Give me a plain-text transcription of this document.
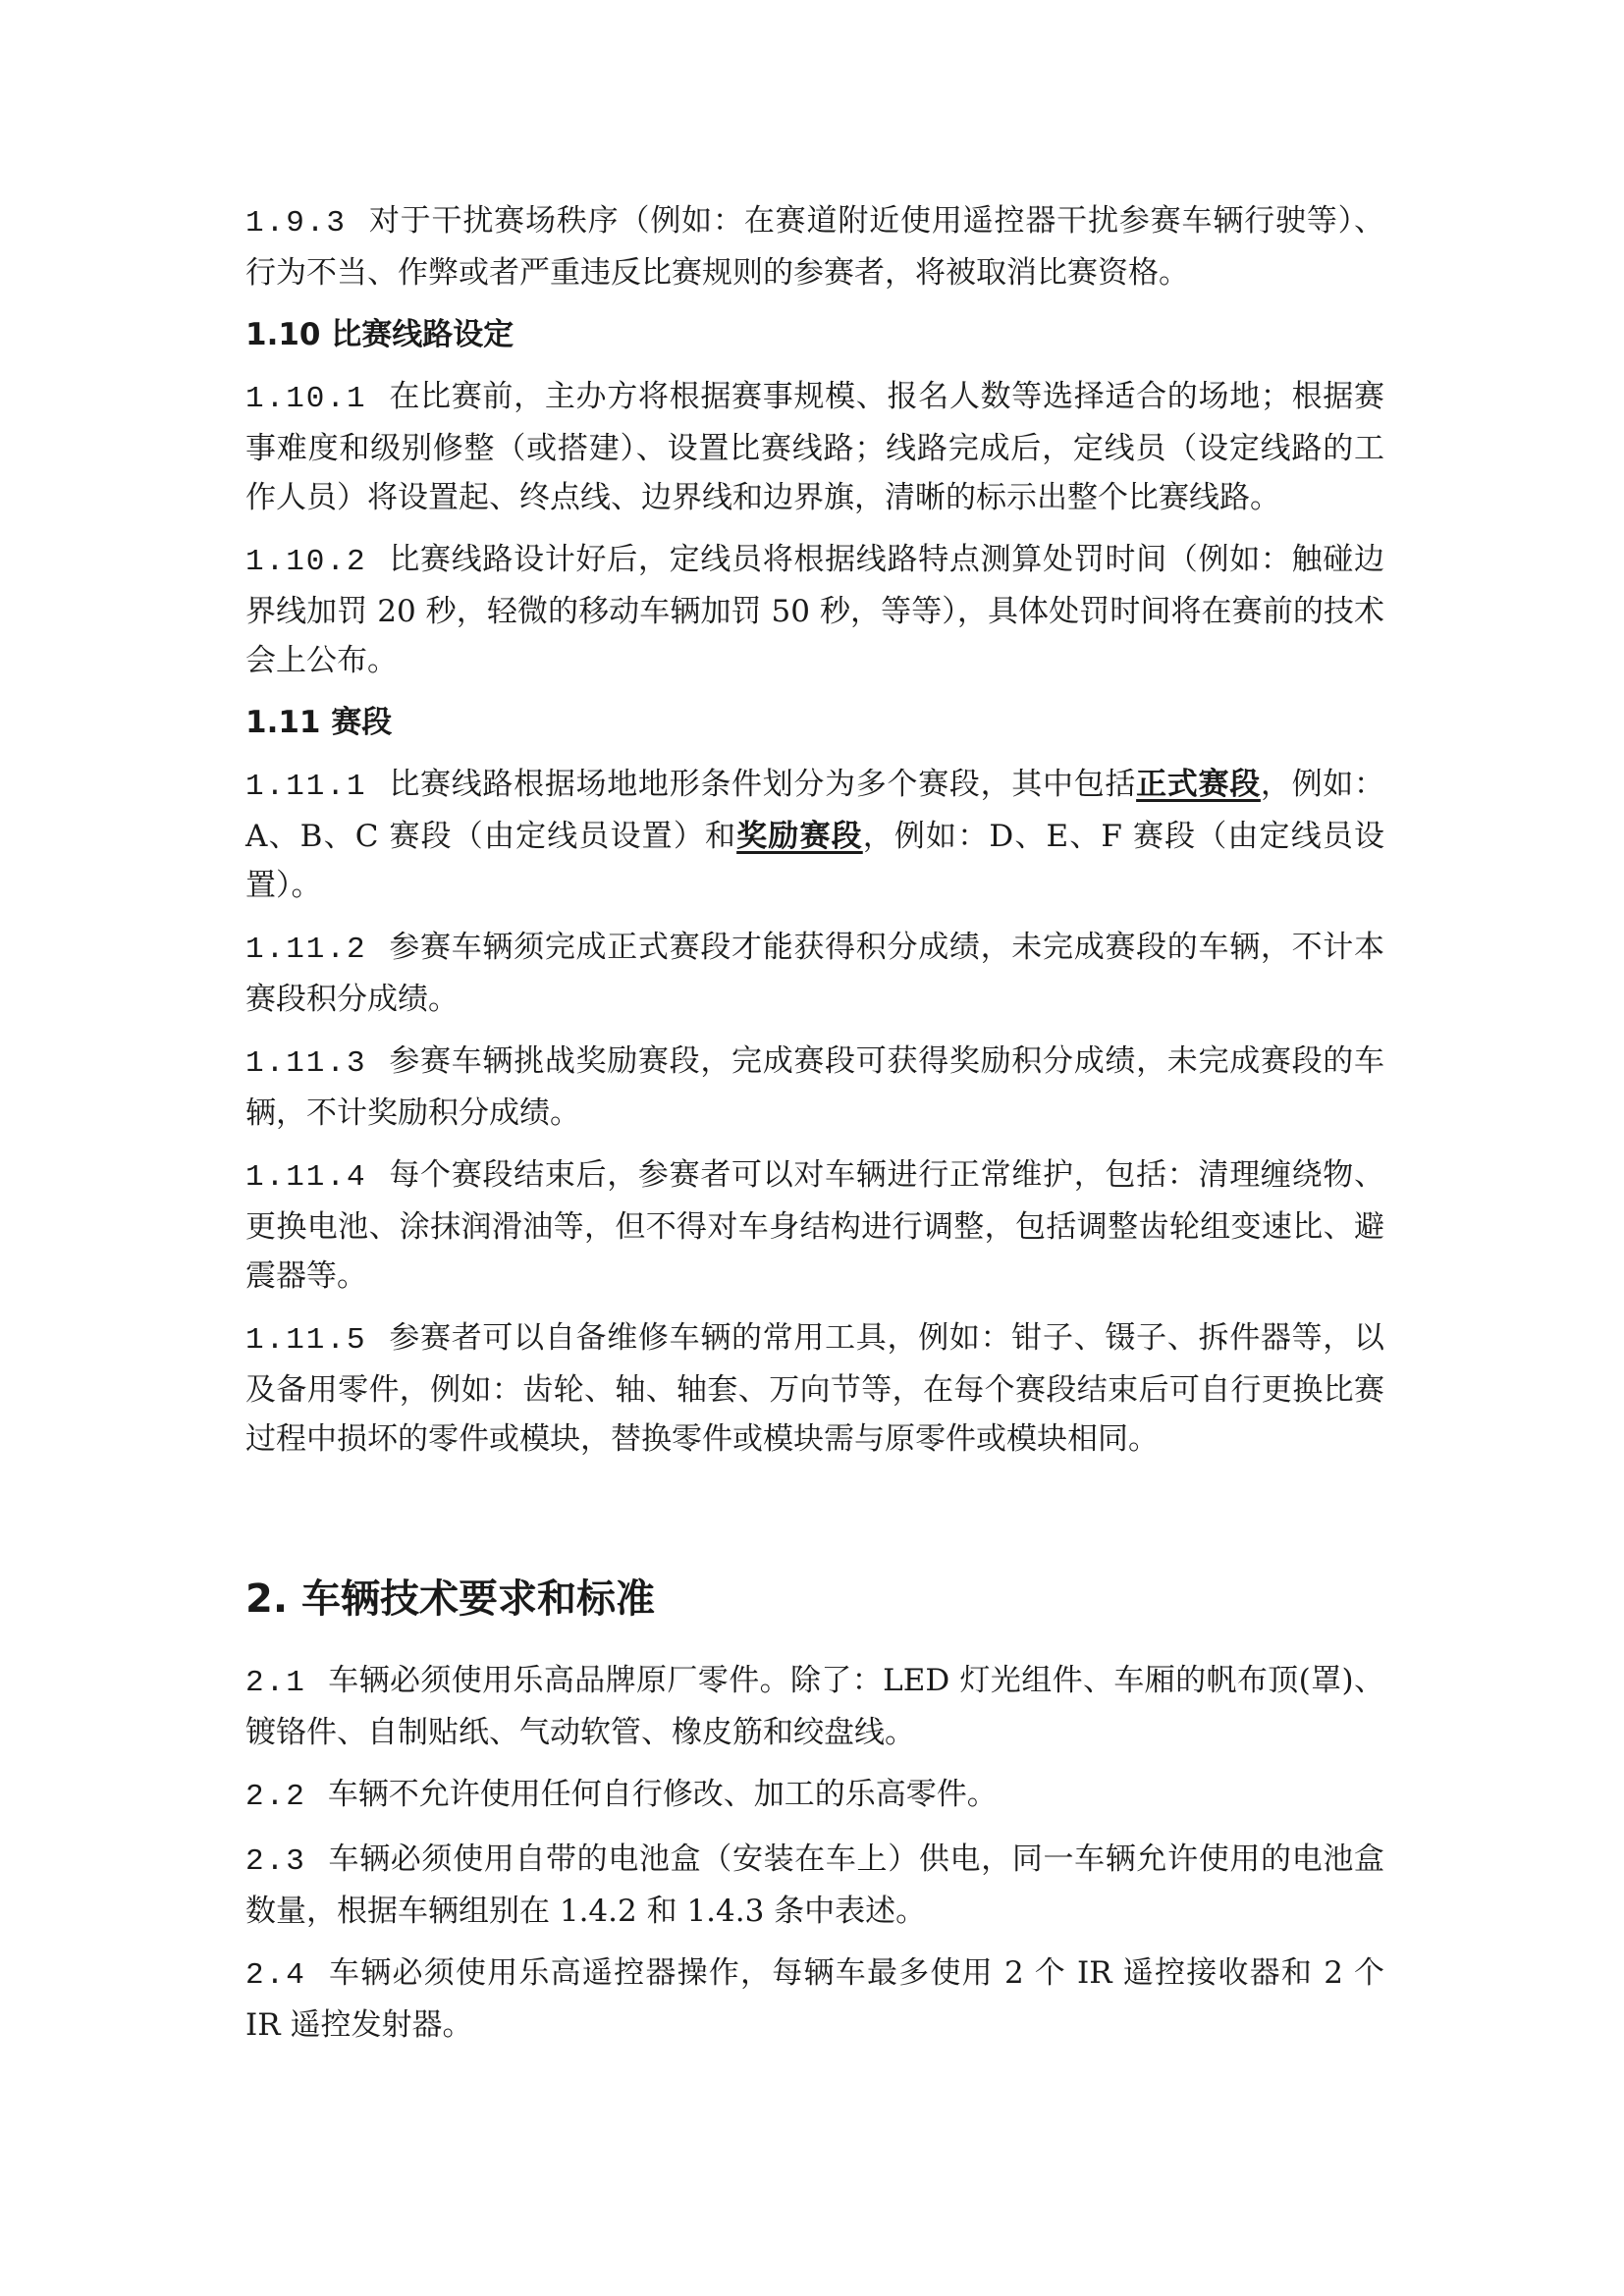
1.9.3 对于干扰赛场秩序（例如：在赛道附近使用遥控器干扰参赛车辆行驶等）、行为不当、作弊或者严重违反比赛规则的参赛者，将被取消比赛资格。

1.10 比赛线路设定

1.10.1 在比赛前，主办方将根据赛事规模、报名人数等选择适合的场地；根据赛事难度和级别修整（或搭建）、设置比赛线路；线路完成后，定线员（设定线路的工作人员）将设置起、终点线、边界线和边界旗，清晰的标示出整个比赛线路。

1.10.2 比赛线路设计好后，定线员将根据线路特点测算处罚时间（例如：触碰边界线加罚 20 秒，轻微的移动车辆加罚 50 秒，等等），具体处罚时间将在赛前的技术会上公布。

1.11 赛段

1.11.1 比赛线路根据场地地形条件划分为多个赛段，其中包括正式赛段，例如：A、B、C 赛段（由定线员设置）和奖励赛段，例如：D、E、F 赛段（由定线员设置）。

1.11.2 参赛车辆须完成正式赛段才能获得积分成绩，未完成赛段的车辆，不计本赛段积分成绩。

1.11.3 参赛车辆挑战奖励赛段，完成赛段可获得奖励积分成绩，未完成赛段的车辆，不计奖励积分成绩。

1.11.4 每个赛段结束后，参赛者可以对车辆进行正常维护，包括：清理缠绕物、更换电池、涂抹润滑油等，但不得对车身结构进行调整，包括调整齿轮组变速比、避震器等。

1.11.5 参赛者可以自备维修车辆的常用工具，例如：钳子、镊子、拆件器等，以及备用零件，例如：齿轮、轴、轴套、万向节等，在每个赛段结束后可自行更换比赛过程中损坏的零件或模块，替换零件或模块需与原零件或模块相同。

2. 车辆技术要求和标准

2.1 车辆必须使用乐高品牌原厂零件。除了：LED 灯光组件、车厢的帆布顶(罩)、镀铬件、自制贴纸、气动软管、橡皮筋和绞盘线。

2.2 车辆不允许使用任何自行修改、加工的乐高零件。

2.3 车辆必须使用自带的电池盒（安装在车上）供电，同一车辆允许使用的电池盒数量，根据车辆组别在 1.4.2 和 1.4.3 条中表述。

2.4 车辆必须使用乐高遥控器操作，每辆车最多使用 2 个 IR 遥控接收器和 2 个 IR 遥控发射器。
